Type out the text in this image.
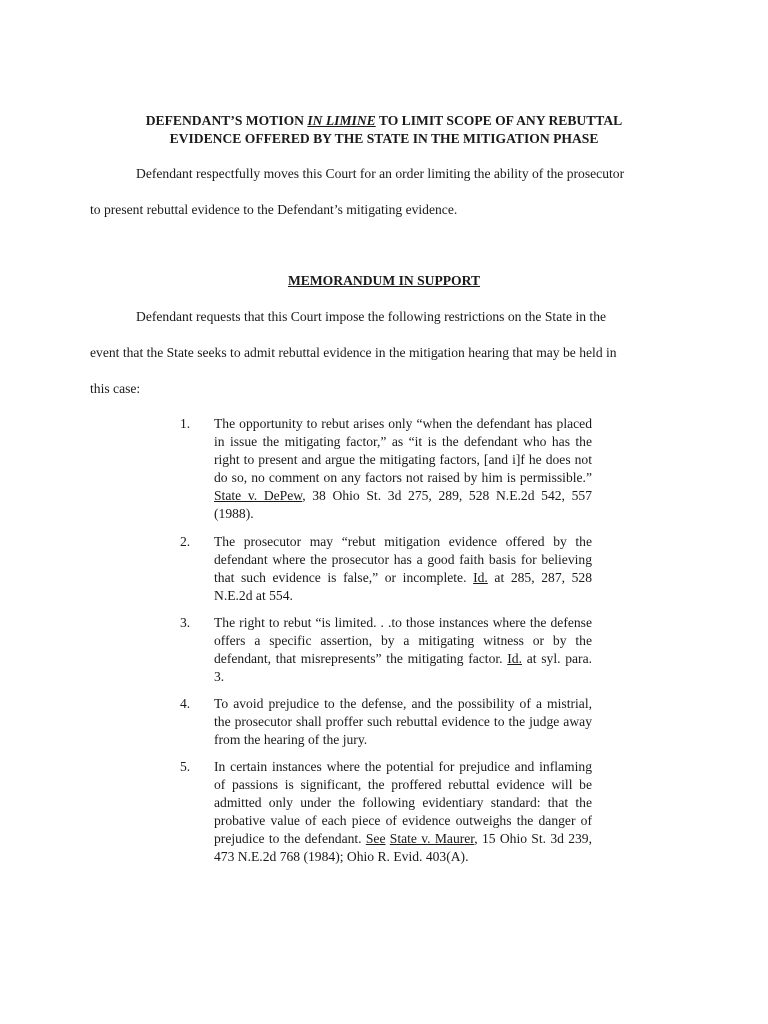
DEFENDANT’S MOTION IN LIMINE TO LIMIT SCOPE OF ANY REBUTTAL
EVIDENCE OFFERED BY THE STATE IN THE MITIGATION PHASE
Defendant respectfully moves this Court for an order limiting the ability of the prosecutor
to present rebuttal evidence to the Defendant’s mitigating evidence.
MEMORANDUM IN SUPPORT
Defendant requests that this Court impose the following restrictions on the State in the
event that the State seeks to admit rebuttal evidence in the mitigation hearing that may be held in
this case:
1. The opportunity to rebut arises only “when the defendant has placed in issue the mitigating factor,” as “it is the defendant who has the right to present and argue the mitigating factors, [and i]f he does not do so, no comment on any factors not raised by him is permissible.” State v. DePew, 38 Ohio St. 3d 275, 289, 528 N.E.2d 542, 557 (1988).
2. The prosecutor may “rebut mitigation evidence offered by the defendant where the prosecutor has a good faith basis for believing that such evidence is false,” or incomplete. Id. at 285, 287, 528 N.E.2d at 554.
3. The right to rebut “is limited. . .to those instances where the defense offers a specific assertion, by a mitigating witness or by the defendant, that misrepresents” the mitigating factor. Id. at syl. para. 3.
4. To avoid prejudice to the defense, and the possibility of a mistrial, the prosecutor shall proffer such rebuttal evidence to the judge away from the hearing of the jury.
5. In certain instances where the potential for prejudice and inflaming of passions is significant, the proffered rebuttal evidence will be admitted only under the following evidentiary standard: that the probative value of each piece of evidence outweighs the danger of prejudice to the defendant. See State v. Maurer, 15 Ohio St. 3d 239, 473 N.E.2d 768 (1984); Ohio R. Evid. 403(A).
